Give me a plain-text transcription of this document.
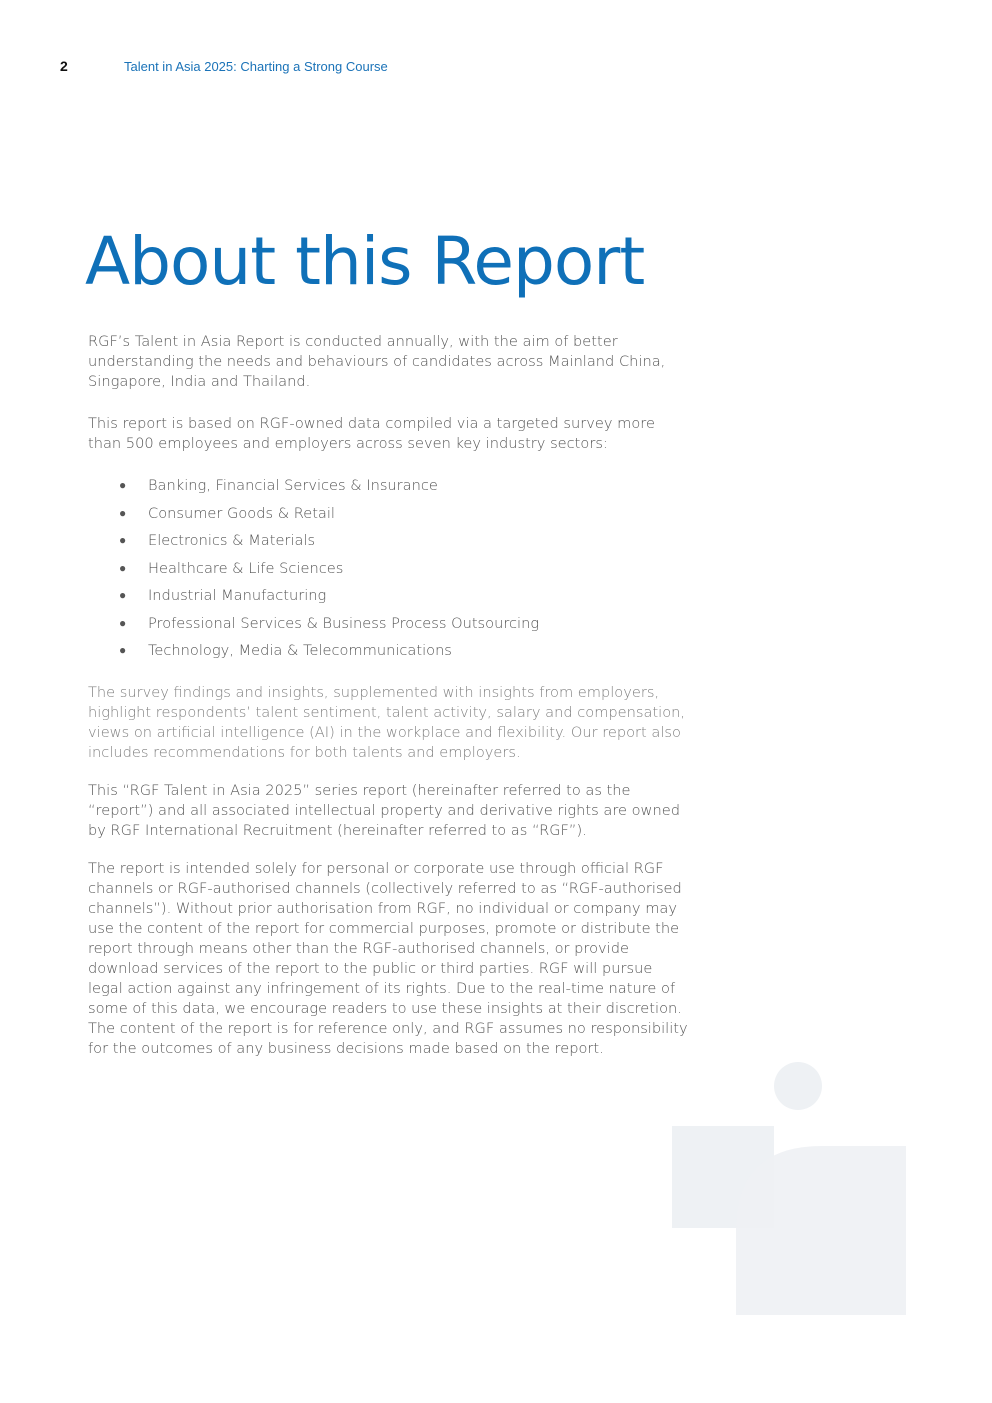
2	Talent in Asia 2025: Charting a Strong Course
About this Report

RGF’s Talent in Asia Report is conducted annually, with the aim of better understanding the needs and behaviours of candidates across Mainland China, Singapore, India and Thailand.

This report is based on RGF-owned data compiled via a targeted survey more than 500 employees and employers across seven key industry sectors:

● Banking, Financial Services & Insurance
● Consumer Goods & Retail
● Electronics & Materials
● Healthcare & Life Sciences
● Industrial Manufacturing
● Professional Services & Business Process Outsourcing
● Technology, Media & Telecommunications

The survey findings and insights, supplemented with insights from employers, highlight respondents’ talent sentiment, talent activity, salary and compensation, views on artificial intelligence (AI) in the workplace and flexibility. Our report also includes recommendations for both talents and employers.

This “RGF Talent in Asia 2025” series report (hereinafter referred to as the “report”) and all associated intellectual property and derivative rights are owned by RGF International Recruitment (hereinafter referred to as “RGF”).

The report is intended solely for personal or corporate use through official RGF channels or RGF-authorised channels (collectively referred to as “RGF-authorised channels”). Without prior authorisation from RGF, no individual or company may use the content of the report for commercial purposes, promote or distribute the report through means other than the RGF-authorised channels, or provide download services of the report to the public or third parties. RGF will pursue legal action against any infringement of its rights. Due to the real-time nature of some of this data, we encourage readers to use these insights at their discretion. The content of the report is for reference only, and RGF assumes no responsibility for the outcomes of any business decisions made based on the report.
